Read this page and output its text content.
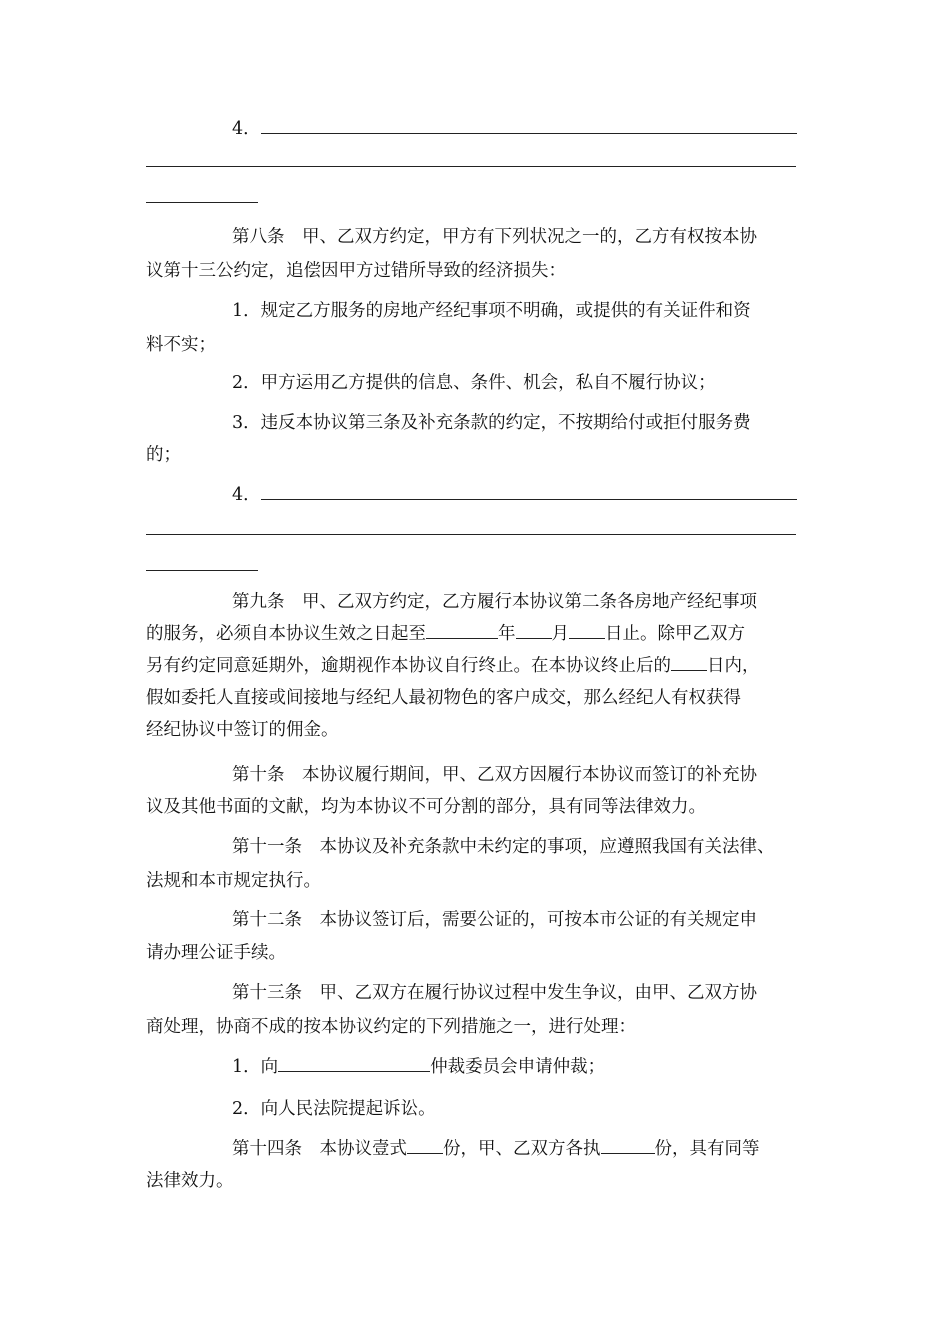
4．
第八条　甲、乙双方约定，甲方有下列状况之一的，乙方有权按本协
议第十三公约定，追偿因甲方过错所导致的经济损失：
1．规定乙方服务的房地产经纪事项不明确，或提供的有关证件和资
料不实；
2．甲方运用乙方提供的信息、条件、机会，私自不履行协议；
3．违反本协议第三条及补充条款的约定，不按期给付或拒付服务费
的；
4．
第九条　甲、乙双方约定，乙方履行本协议第二条各房地产经纪事项
的服务，必须自本协议生效之日起至	年 月 日止。除甲乙双方
另有约定同意延期外，逾期视作本协议自行终止。在本协议终止后的 日内，
假如委托人直接或间接地与经纪人最初物色的客户成交，那么经纪人有权获得
经纪协议中签订的佣金。
第十条　本协议履行期间，甲、乙双方因履行本协议而签订的补充协
议及其他书面的文献，均为本协议不可分割的部分，具有同等法律效力。
第十一条　本协议及补充条款中未约定的事项，应遵照我国有关法律、
法规和本市规定执行。
第十二条　本协议签订后，需要公证的，可按本市公证的有关规定申
请办理公证手续。
第十三条　甲、乙双方在履行协议过程中发生争议，由甲、乙双方协
商处理，协商不成的按本协议约定的下列措施之一，进行处理：
1．向	仲裁委员会申请仲裁；
2．向人民法院提起诉讼。
第十四条　本协议壹式 份，甲、乙双方各执	份，具有同等
法律效力。
